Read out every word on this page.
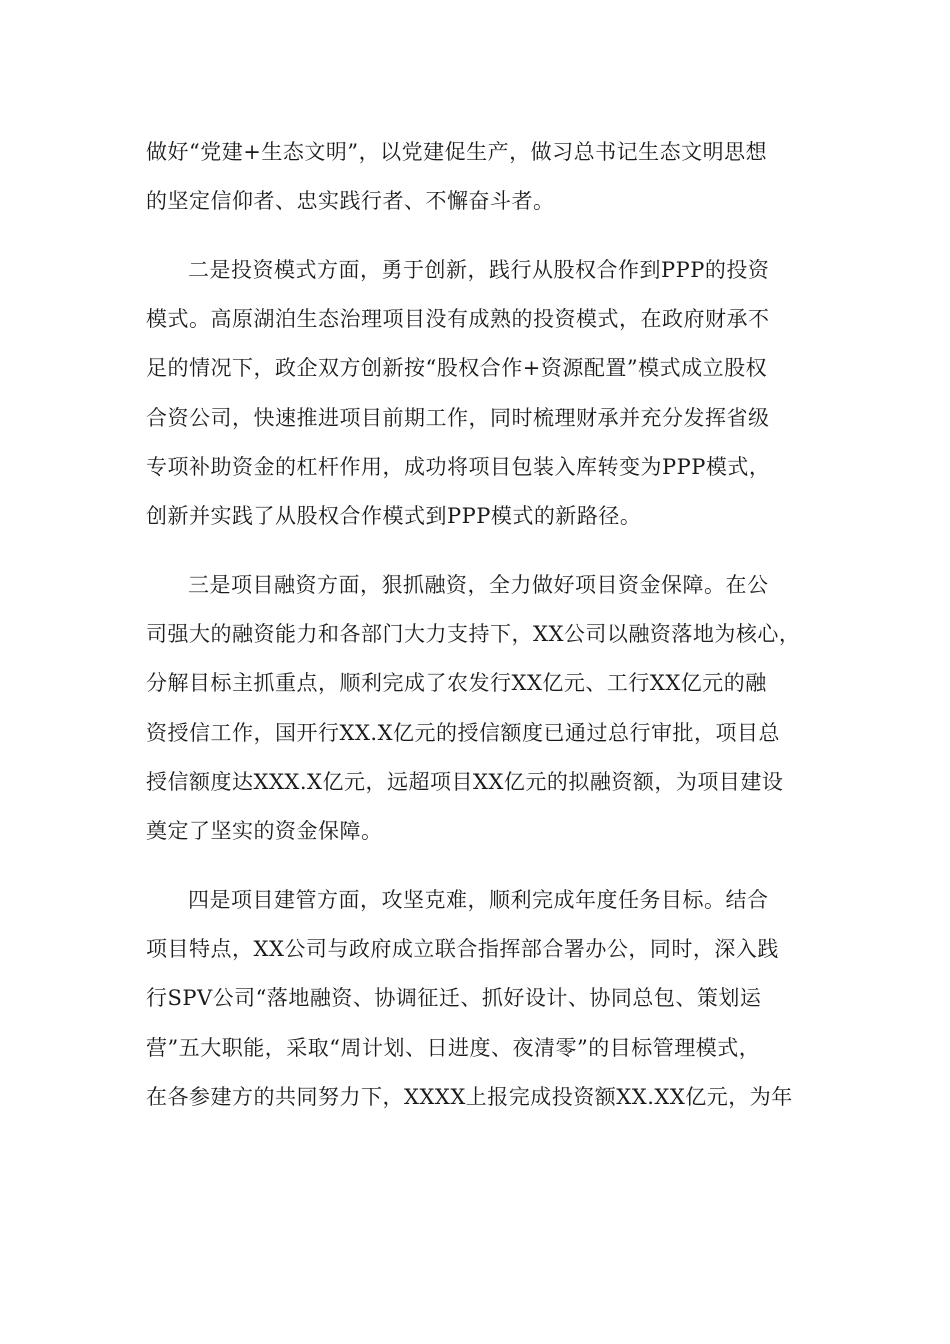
做好“党建+生态文明”，以党建促生产，做习总书记生态文明思想
的坚定信仰者、忠实践行者、不懈奋斗者。
二是投资模式方面，勇于创新，践行从股权合作到PPP的投资
模式。高原湖泊生态治理项目没有成熟的投资模式，在政府财承不
足的情况下，政企双方创新按“股权合作+资源配置”模式成立股权
合资公司，快速推进项目前期工作，同时梳理财承并充分发挥省级
专项补助资金的杠杆作用，成功将项目包装入库转变为PPP模式，
创新并实践了从股权合作模式到PPP模式的新路径。
三是项目融资方面，狠抓融资，全力做好项目资金保障。在公
司强大的融资能力和各部门大力支持下，XX公司以融资落地为核心，
分解目标主抓重点，顺利完成了农发行XX亿元、工行XX亿元的融
资授信工作，国开行XX.X亿元的授信额度已通过总行审批，项目总
授信额度达XXX.X亿元，远超项目XX亿元的拟融资额，为项目建设
奠定了坚实的资金保障。
四是项目建管方面，攻坚克难，顺利完成年度任务目标。结合
项目特点，XX公司与政府成立联合指挥部合署办公，同时，深入践
行SPV公司“落地融资、协调征迁、抓好设计、协同总包、策划运
营”五大职能，采取“周计划、日进度、夜清零”的目标管理模式，
在各参建方的共同努力下，XXXX上报完成投资额XX.XX亿元，为年
